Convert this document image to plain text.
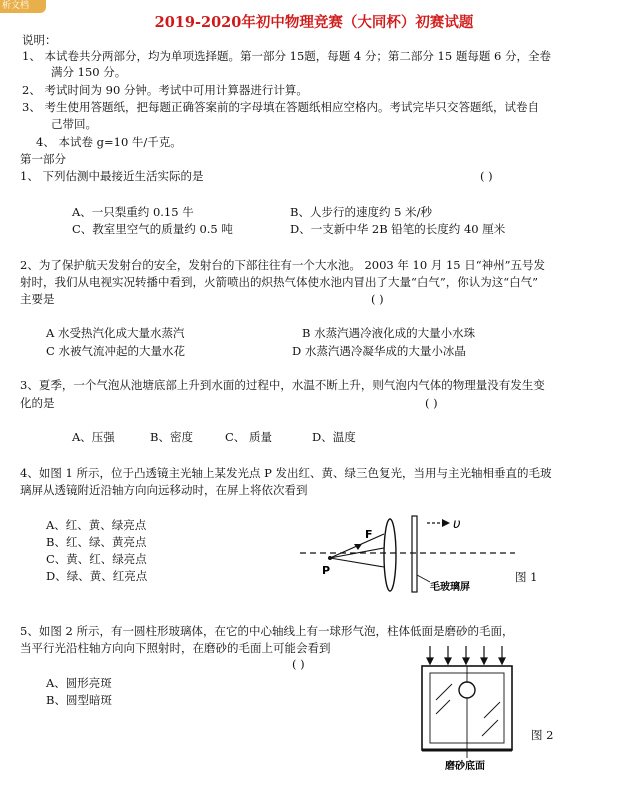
析文档
2019-2020年初中物理竞赛（大同杯）初赛试题
说明：
1、 本试卷共分两部分，均为单项选择题。第一部分 15题，每题 4 分；第二部分 15 题每题 6 分，全卷
满分 150 分。
2、 考试时间为 90 分钟。考试中可用计算器进行计算。
3、 考生使用答题纸，把每题正确答案前的字母填在答题纸相应空格内。考试完毕只交答题纸，试卷自
己带回。
4、 本试卷 g=10 牛/千克。
第一部分
1、 下列估测中最接近生活实际的是	( )
A、一只梨重约 0.15 牛	B、人步行的速度约 5 米/秒
C、教室里空气的质量约 0.5 吨	D、一支新中华 2B 铅笔的长度约 40 厘米
2、为了保护航天发射台的安全，发射台的下部往往有一个大水池。 2003 年 10 月 15 日“神州”五号发
射时，我们从电视实况转播中看到，火箭喷出的炽热气体使水池内冒出了大量“白气”，你认为这“白气”
主要是	( )
A 水受热汽化成大量水蒸汽	B 水蒸汽遇冷液化成的大量小水珠
C 水被气流冲起的大量水花	D 水蒸汽遇冷凝华成的大量小冰晶
3、夏季，一个气泡从池塘底部上升到水面的过程中，水温不断上升，则气泡内气体的物理量没有发生变
化的是	( )
A、压强	B、密度	C、 质量	D、温度
4、如图 1 所示，位于凸透镜主光轴上某发光点 P 发出红、黄、绿三色复光，当用与主光轴相垂直的毛玻
璃屏从透镜附近沿轴方向向远移动时，在屏上将依次看到
A、红、黄、绿亮点
B、红、绿、黄亮点
C、黄、红、绿亮点
D、绿、黄、红亮点	P
F
υ
毛玻璃屏
图 1
5、如图 2 所示，有一圆柱形玻璃体，在它的中心轴线上有一球形气泡，柱体低面是磨砂的毛面，
当平行光沿柱轴方向向下照射时，在磨砂的毛面上可能会看到
( )
A、圆形亮斑
B、圆型暗斑
磨砂底面
图 2
